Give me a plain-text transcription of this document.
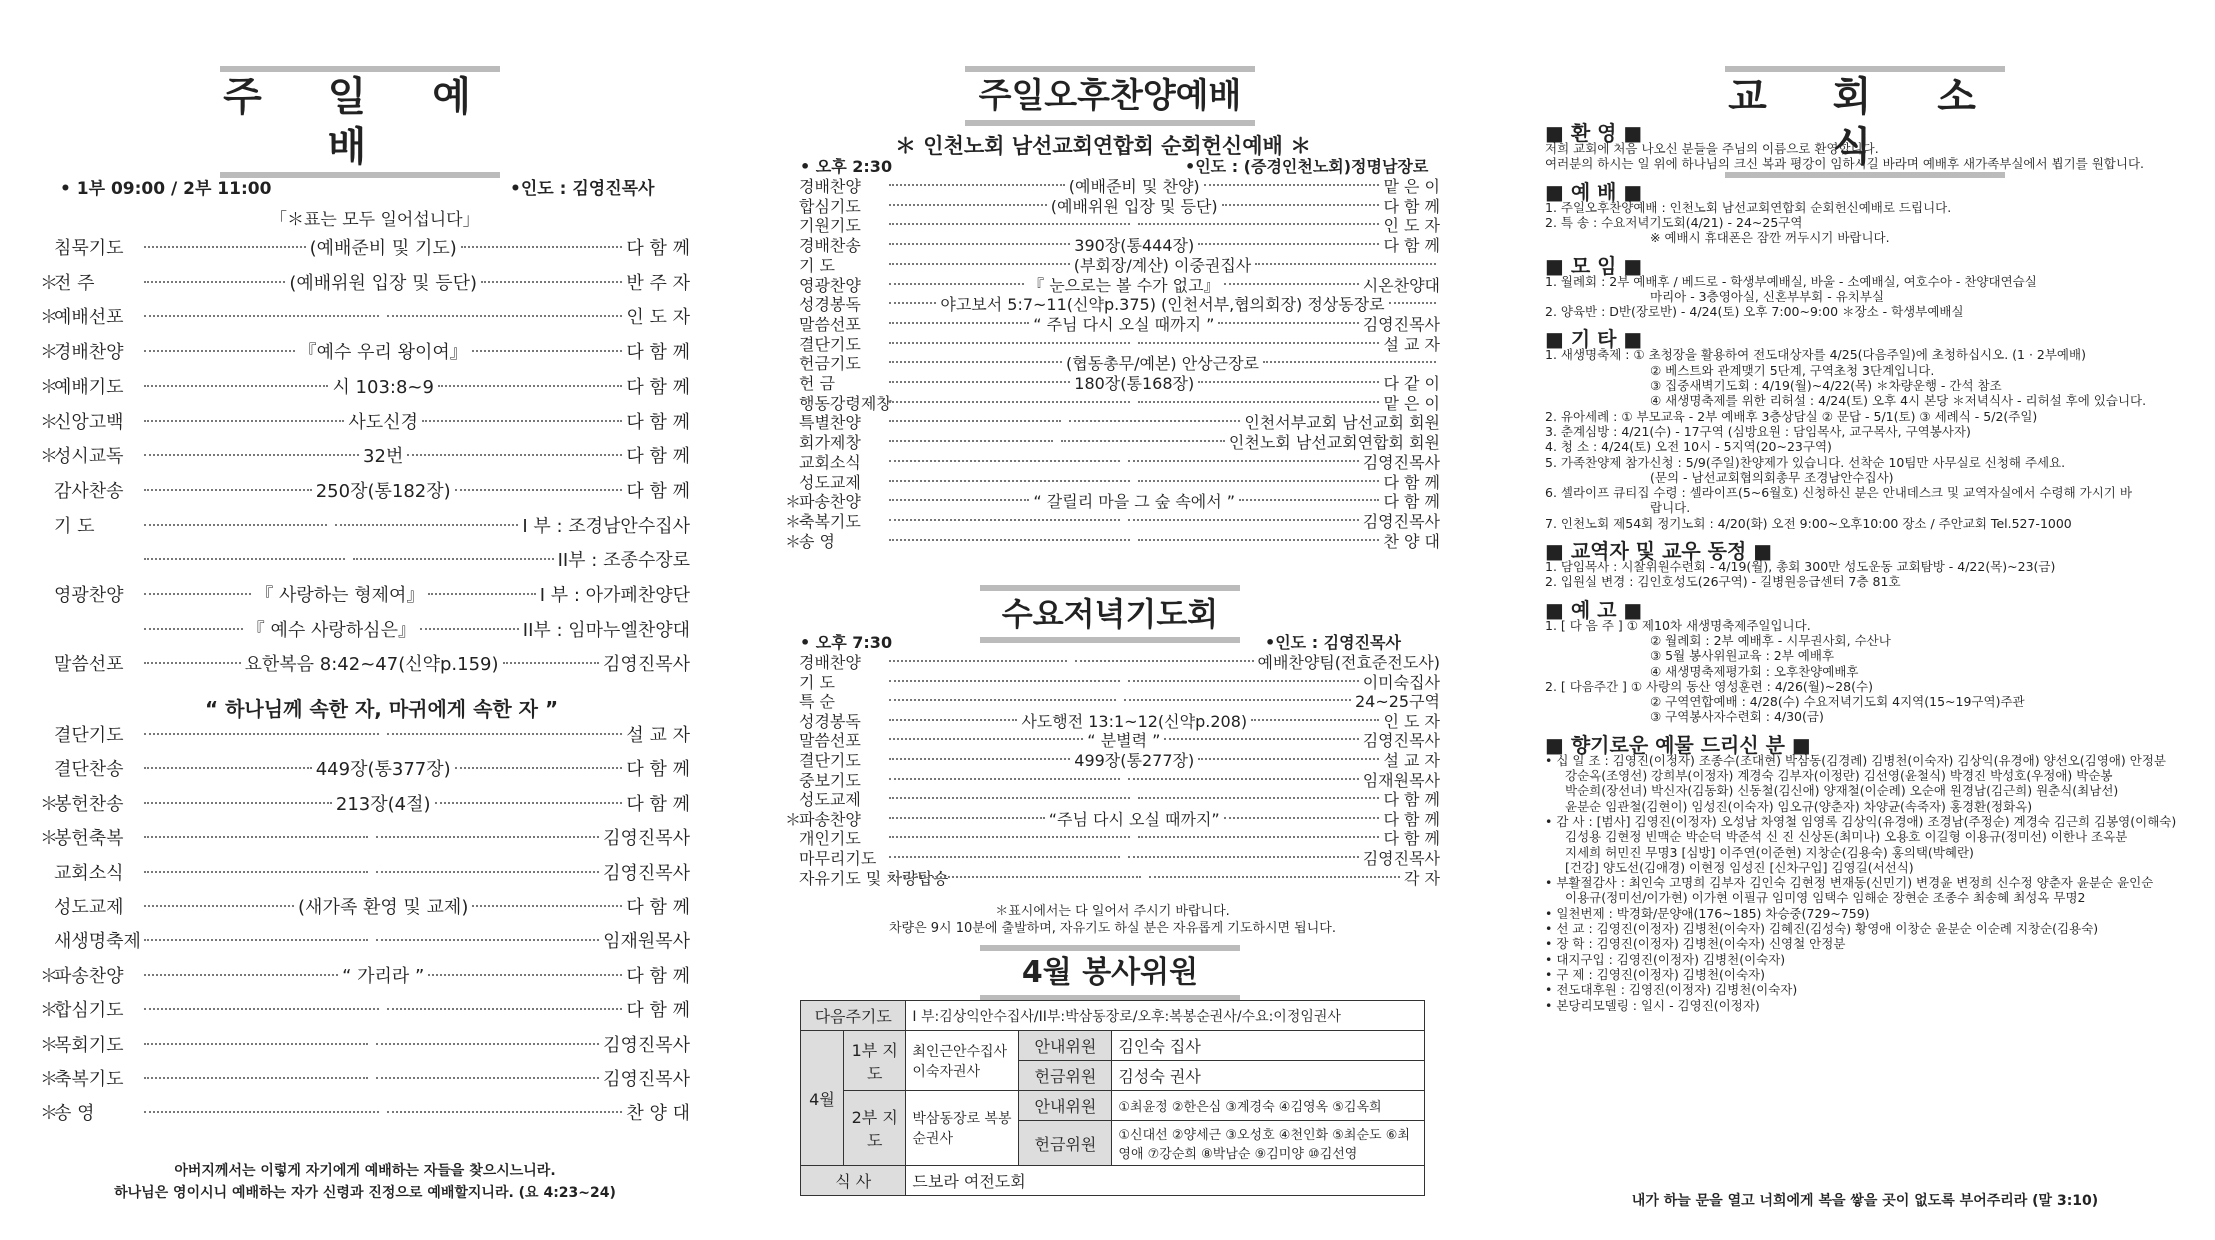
주 일 예 배
• 1부 09:00 / 2부 11:00	•인도 : 김영진목사
「＊표는 모두 일어섭니다」
침묵기도	(예배준비 및 기도)	다 함 께
＊전 주	(예배위원 입장 및 등단)	반 주 자
＊예배선포	인 도 자
＊경배찬양	『예수 우리 왕이여』	다 함 께
＊예배기도	시 103:8~9	다 함 께
＊신앙고백	사도신경	다 함 께
＊성시교독	32번	다 함 께
감사찬송	250장(통182장)	다 함 께
기 도	I 부 : 조경남안수집사
II부 : 조종수장로
영광찬양	『 사랑하는 형제여』	I 부 : 아가페찬양단
『 예수 사랑하심은』	II부 : 임마누엘찬양대
말씀선포	요한복음 8:42~47(신약p.159)	김영진목사
“ 하나님께 속한 자, 마귀에게 속한 자 ”
결단기도	설 교 자
결단찬송	449장(통377장)	다 함 께
＊봉헌찬송	213장(4절)	다 함 께
＊봉헌축복	김영진목사
교회소식	김영진목사
성도교제	(새가족 환영 및 교제)	다 함 께
새생명축제	임재원목사
＊파송찬양	“ 가리라 ”	다 함 께
＊합심기도	다 함 께
＊목회기도	김영진목사
＊축복기도	김영진목사
＊송 영	찬 양 대
아버지께서는 이렇게 자기에게 예배하는 자들을 찾으시느니라.
하나님은 영이시니 예배하는 자가 신령과 진정으로 예배할지니라. (요 4:23~24)
주일오후찬양예배
＊ 인천노회 남선교회연합회 순회헌신예배 ＊
• 오후 2:30	•인도 : (증경인천노회)정명남장로
경배찬양	(예배준비 및 찬양)	맡 은 이
합심기도	(예배위원 입장 및 등단)	다 함 께
기원기도	인 도 자
경배찬송	390장(통444장)	다 함 께
기 도	(부회장/계산) 이중권집사
영광찬양	『 눈으로는 볼 수가 없고』	시온찬양대
성경봉독	야고보서 5:7~11(신약p.375) (인천서부,협의회장) 정상동장로
말씀선포	“ 주님 다시 오실 때까지 ”	김영진목사
결단기도	설 교 자
헌금기도	(협동총무/예본) 안상근장로
헌 금	180장(통168장)	다 같 이
행동강령제창	맡 은 이
특별찬양	인천서부교회 남선교회 회원
회가제창	인천노회 남선교회연합회 회원
교회소식	김영진목사
성도교제	다 함 께
＊파송찬양	“ 갈릴리 마을 그 숲 속에서 ”	다 함 께
＊축복기도	김영진목사
＊송 영	찬 양 대
수요저녁기도회
• 오후 7:30	•인도 : 김영진목사
경배찬양	예배찬양팀(전효준전도사)
기 도	이미숙집사
특 순	24~25구역
성경봉독	사도행전 13:1~12(신약p.208)	인 도 자
말씀선포	“ 분별력 ”	김영진목사
결단기도	499장(통277장)	설 교 자
중보기도	임재원목사
성도교제	다 함 께
＊파송찬양	“주님 다시 오실 때까지”	다 함 께
개인기도	다 함 께
마무리기도	김영진목사
자유기도 및 차량탑승	각 자
＊표시에서는 다 일어서 주시기 바랍니다.
차량은 9시 10분에 출발하며, 자유기도 하실 분은 자유롭게 기도하시면 됩니다.
4월 봉사위원
다음주기도		I 부:김상익안수집사/II부:박삼동장로/오후:복봉순권사/수요:이정임권사		
4월	1부 지도	최인근안수집사 이숙자권사	안내위원	김인숙 집사
			헌금위원	김성숙 권사
	2부 지도	박삼동장로 복봉순권사	안내위원	①최윤정 ②한은심 ③계경숙 ④김영옥 ⑤김옥희
			헌금위원	①신대선 ②양세근 ③오성호 ④천인화 ⑤최순도 ⑥최영애 ⑦강순희 ⑧박남순 ⑨김미양 ⑩김선영
식 사		드보라 여전도회		
교 회 소 식
■ 환 영 ■
저희 교회에 처음 나오신 분들을 주님의 이름으로 환영합니다.
여러분의 하시는 일 위에 하나님의 크신 복과 평강이 임하시길 바라며 예배후 새가족부실에서 뵙기를 원합니다.
■ 예 배 ■
1. 주일오후찬양예배 : 인천노회 남선교회연합회 순회헌신예배로 드립니다.
2. 특 송 : 수요저녁기도회(4/21) - 24~25구역
※ 예배시 휴대폰은 잠깐 꺼두시기 바랍니다.
■ 모 임 ■
1. 월례회 : 2부 예배후 / 베드로 - 학생부예배실, 바울 - 소예배실, 여호수아 - 찬양대연습실
마리아 - 3층영아실, 신혼부부회 - 유치부실
2. 양육반 : D반(장로반) - 4/24(토) 오후 7:00~9:00 ＊장소 - 학생부예배실
■ 기 타 ■
1. 새생명축제 : ① 초청장을 활용하여 전도대상자를 4/25(다음주일)에 초청하십시오. (1 · 2부예배)
② 베스트와 관계맺기 5단계, 구역초청 3단계입니다.
③ 집중새벽기도회 : 4/19(월)~4/22(목) ＊차량운행 - 간석 참조
④ 새생명축제를 위한 리허설 : 4/24(토) 오후 4시 본당 ＊저녁식사 - 리허설 후에 있습니다.
2. 유아세례 : ① 부모교육 - 2부 예배후 3층상담실 ② 문답 - 5/1(토) ③ 세례식 - 5/2(주일)
3. 춘계심방 : 4/21(수) - 17구역 (심방요원 : 담임목사, 교구목사, 구역봉사자)
4. 청 소 : 4/24(토) 오전 10시 - 5지역(20~23구역)
5. 가족찬양제 참가신청 : 5/9(주일)찬양제가 있습니다. 선착순 10팀만 사무실로 신청해 주세요.
(문의 - 남선교회협의회총무 조경남안수집사)
6. 셀라이프 큐티집 수령 : 셀라이프(5~6월호) 신청하신 분은 안내데스크 및 교역자실에서 수령해 가시기 바
랍니다.
7. 인천노회 제54회 정기노회 : 4/20(화) 오전 9:00~오후10:00 장소 / 주안교회 Tel.527-1000
■ 교역자 및 교우 동정 ■
1. 담임목사 : 시찰위원수련회 - 4/19(월), 총회 300만 성도운동 교회탐방 - 4/22(목)~23(금)
2. 입원실 변경 : 김인호성도(26구역) - 길병원응급센터 7층 81호
■ 예 고 ■
1. [ 다 음 주 ] ① 제10차 새생명축제주일입니다.
② 월례회 : 2부 예배후 - 시무권사회, 수산나
③ 5월 봉사위원교육 : 2부 예배후
④ 새생명축제평가회 : 오후찬양예배후
2. [ 다음주간 ] ① 사랑의 동산 영성훈련 : 4/26(월)~28(수)
② 구역연합예배 : 4/28(수) 수요저녁기도회 4지역(15~19구역)주관
③ 구역봉사자수련회 : 4/30(금)
■ 향기로운 예물 드리신 분 ■
• 십 일 조 : 김영진(이정자) 조종수(조대현) 박삼동(김경례) 김병천(이숙자) 김상익(유경애) 양선오(김영애) 안정분
강순옥(조영선) 강희부(이정자) 계경숙 김부자(이정란) 김선영(윤철식) 박경진 박성호(우정애) 박순봉
박순희(장선녀) 박신자(김동화) 신동철(김신애) 양재철(이순례) 오순애 원경남(김근희) 원춘식(최남선)
윤분순 임관철(김현이) 임성진(이숙자) 임오규(양춘자) 차양균(속죽자) 홍경환(정화옥)
• 감 사 : [범사] 김영진(이정자) 오성남 차영철 임영록 김상익(유경애) 조경남(주정순) 계경숙 김근희 김봉영(이해숙)
김성용 김현정 빈맥순 박순덕 박준석 신 진 신상돈(최미나) 오용호 이길형 이용규(정미선) 이한나 조옥분
지세희 허민진 무명3 [심방] 이주연(이준현) 지창순(김용숙) 홍의택(박혜란)
[건강] 양도선(김애경) 이현정 임성진 [신차구입] 김영길(서선식)
• 부활절감사 : 최인숙 고명희 김부자 김인숙 김현정 변재동(신민기) 변경윤 변정희 신수정 양춘자 윤분순 윤인순
이용규(정미선/이가현) 이가현 이필규 임미영 임택수 임해순 장현순 조종수 최송혜 최성옥 무명2
• 일천번제 : 박경화/문양애(176~185) 차승중(729~759)
• 선 교 : 김영진(이정자) 김병천(이숙자) 김혜진(김성숙) 황영애 이창순 윤분순 이순례 지창순(김용숙)
• 장 학 : 김영진(이정자) 김병천(이숙자) 신영철 안정분
• 대지구입 : 김영진(이정자) 김병천(이숙자)
• 구 제 : 김영진(이정자) 김병천(이숙자)
• 전도대후원 : 김영진(이정자) 김병천(이숙자)
• 본당리모델링 : 일시 - 김영진(이정자)
내가 하늘 문을 열고 너희에게 복을 쌓을 곳이 없도록 부어주리라 (말 3:10)
